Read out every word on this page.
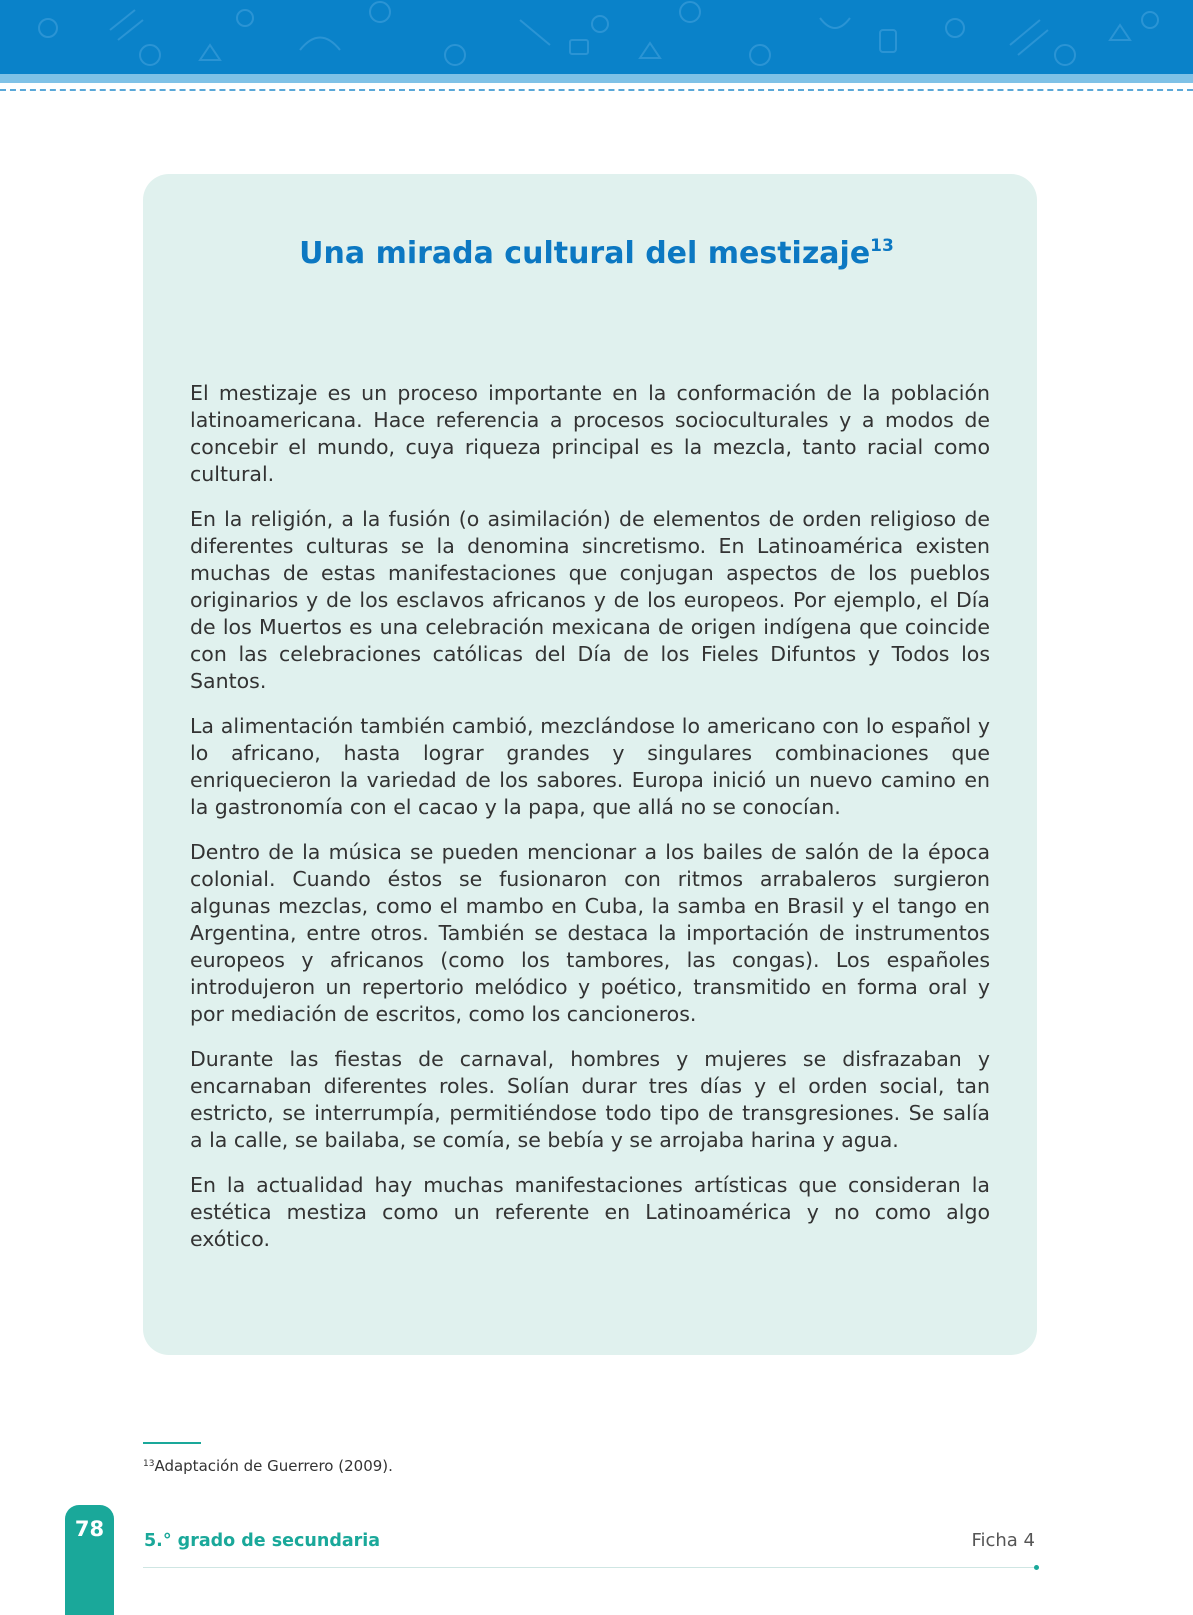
Una mirada cultural del mestizaje$^{13}$

El mestizaje es un proceso importante en la conformación de la población latinoamericana. Hace referencia a procesos socioculturales y a modos de concebir el mundo, cuya riqueza principal es la mezcla, tanto racial como cultural.

En la religión, a la fusión (o asimilación) de elementos de orden religioso de diferentes culturas se la denomina sincretismo. En Latinoamérica existen muchas de estas manifestaciones que conjugan aspectos de los pueblos originarios y de los esclavos africanos y de los europeos. Por ejemplo, el Día de los Muertos es una celebración mexicana de origen indígena que coincide con las celebraciones católicas del Día de los Fieles Difuntos y Todos los Santos.

La alimentación también cambió, mezclándose lo americano con lo español y lo africano, hasta lograr grandes y singulares combinaciones que enriquecieron la variedad de los sabores. Europa inició un nuevo camino en la gastronomía con el cacao y la papa, que allá no se conocían.

Dentro de la música se pueden mencionar a los bailes de salón de la época colonial. Cuando éstos se fusionaron con ritmos arrabaleros surgieron algunas mezclas, como el mambo en Cuba, la samba en Brasil y el tango en Argentina, entre otros. También se destaca la importación de instrumentos europeos y africanos (como los tambores, las congas). Los españoles introdujeron un repertorio melódico y poético, transmitido en forma oral y por mediación de escritos, como los cancioneros.

Durante las fiestas de carnaval, hombres y mujeres se disfrazaban y encarnaban diferentes roles. Solían durar tres días y el orden social, tan estricto, se interrumpía, permitiéndose todo tipo de transgresiones. Se salía a la calle, se bailaba, se comía, se bebía y se arrojaba harina y agua.

En la actualidad hay muchas manifestaciones artísticas que consideran la estética mestiza como un referente en Latinoamérica y no como algo exótico.

$^{13}$Adaptación de Guerrero (2009).

78	5.° grado de secundaria	Ficha 4
